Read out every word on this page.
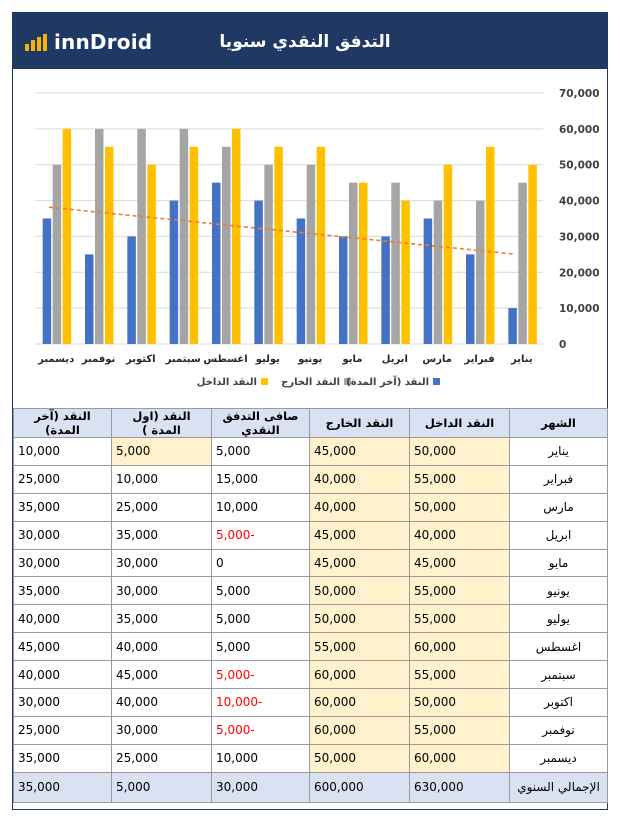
innDroid	التدفق النقدي سنويا
0
10,000
20,000
30,000
40,000
50,000
60,000
70,000
يناير
فبراير
مارس
ابريل
مايو
يونيو
يوليو
اغسطس
سبتمبر
اكتوبر
نوفمبر
ديسمبر
النقد الداخل النقد الخارج النقد (آخر المدة)
الشهر	النقد الداخل	النقد الخارج	صافى التدفق النقدي	النقد (اول المدة )	النقد (آخر المدة)
يناير	50,000	45,000	5,000	5,000	10,000
فبراير	55,000	40,000	15,000	10,000	25,000
مارس	50,000	40,000	10,000	25,000	35,000
ابريل	40,000	45,000	-5,000	35,000	30,000
مايو	45,000	45,000	0	30,000	30,000
يونيو	55,000	50,000	5,000	30,000	35,000
يوليو	55,000	50,000	5,000	35,000	40,000
اغسطس	60,000	55,000	5,000	40,000	45,000
سبتمبر	55,000	60,000	-5,000	45,000	40,000
اكتوبر	50,000	60,000	-10,000	40,000	30,000
نوفمبر	55,000	60,000	-5,000	30,000	25,000
ديسمبر	60,000	50,000	10,000	25,000	35,000
الإجمالي السنوي	630,000	600,000	30,000	5,000	35,000
